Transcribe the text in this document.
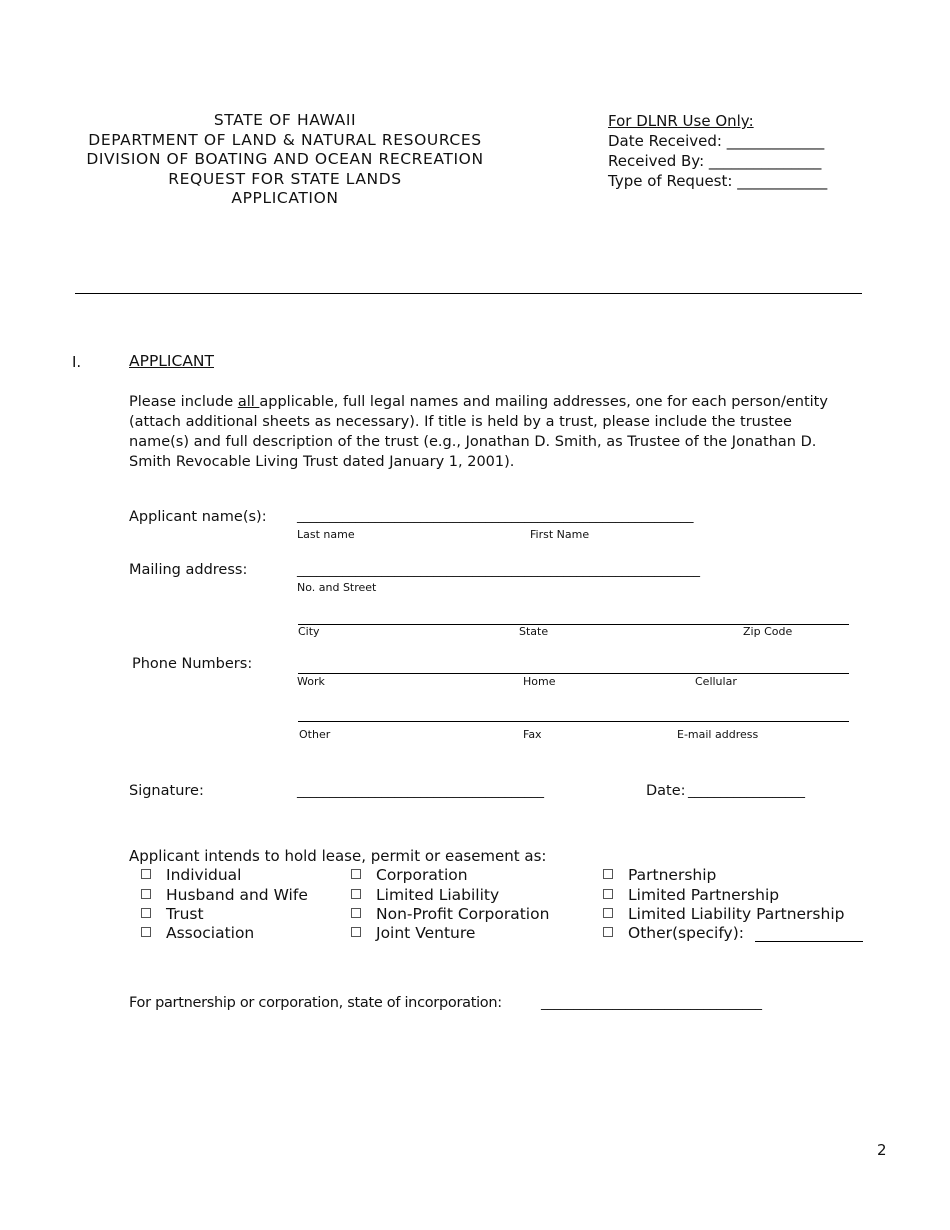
STATE OF HAWAII
DEPARTMENT OF LAND & NATURAL RESOURCES
DIVISION OF BOATING AND OCEAN RECREATION
REQUEST FOR STATE LANDS
APPLICATION
For DLNR Use Only:
Date Received: _____________
Received By: _______________
Type of Request: ____________
I.	APPLICANT
Please include all applicable, full legal names and mailing addresses, one for each person/entity
(attach additional sheets as necessary). If title is held by a trust, please include the trustee
name(s) and full description of the trust (e.g., Jonathan D. Smith, as Trustee of the Jonathan D.
Smith Revocable Living Trust dated January 1, 2001).
Applicant name(s): _____________________________________________________________
Last name	First Name
Mailing address:	______________________________________________________________
No. and Street
City	State	Zip Code
Phone Numbers:
Work	Home	Cellular
Other	Fax	E-mail address
Signature:	______________________________________	Date: __________________
Applicant intends to hold lease, permit or easement as:
Individual
Husband and Wife
Trust
Association
Corporation
Limited Liability
Non-Profit Corporation
Joint Venture
Partnership
Limited Partnership
Limited Liability Partnership
Other(specify):
For partnership or corporation, state of incorporation:	__________________________________
2
